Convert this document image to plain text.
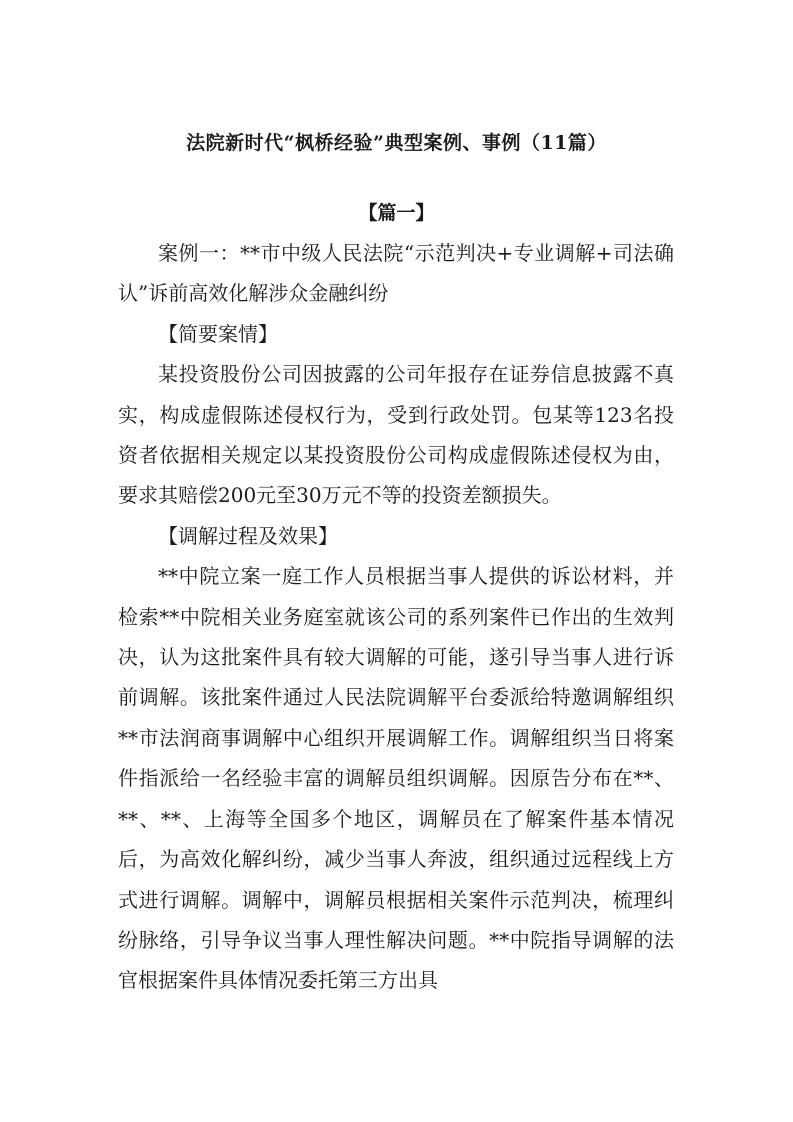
法院新时代“枫桥经验”典型案例、事例（11篇）
【篇一】

案例一：**市中级人民法院“示范判决+专业调解+司法确认”诉前高效化解涉众金融纠纷

【简要案情】

某投资股份公司因披露的公司年报存在证券信息披露不真实，构成虚假陈述侵权行为，受到行政处罚。包某等123名投资者依据相关规定以某投资股份公司构成虚假陈述侵权为由，要求其赔偿200元至30万元不等的投资差额损失。

【调解过程及效果】

**中院立案一庭工作人员根据当事人提供的诉讼材料，并检索**中院相关业务庭室就该公司的系列案件已作出的生效判决，认为这批案件具有较大调解的可能，遂引导当事人进行诉前调解。该批案件通过人民法院调解平台委派给特邀调解组织**市法润商事调解中心组织开展调解工作。调解组织当日将案件指派给一名经验丰富的调解员组织调解。因原告分布在**、**、**、上海等全国多个地区，调解员在了解案件基本情况后，为高效化解纠纷，减少当事人奔波，组织通过远程线上方式进行调解。调解中，调解员根据相关案件示范判决，梳理纠纷脉络，引导争议当事人理性解决问题。**中院指导调解的法官根据案件具体情况委托第三方出具
